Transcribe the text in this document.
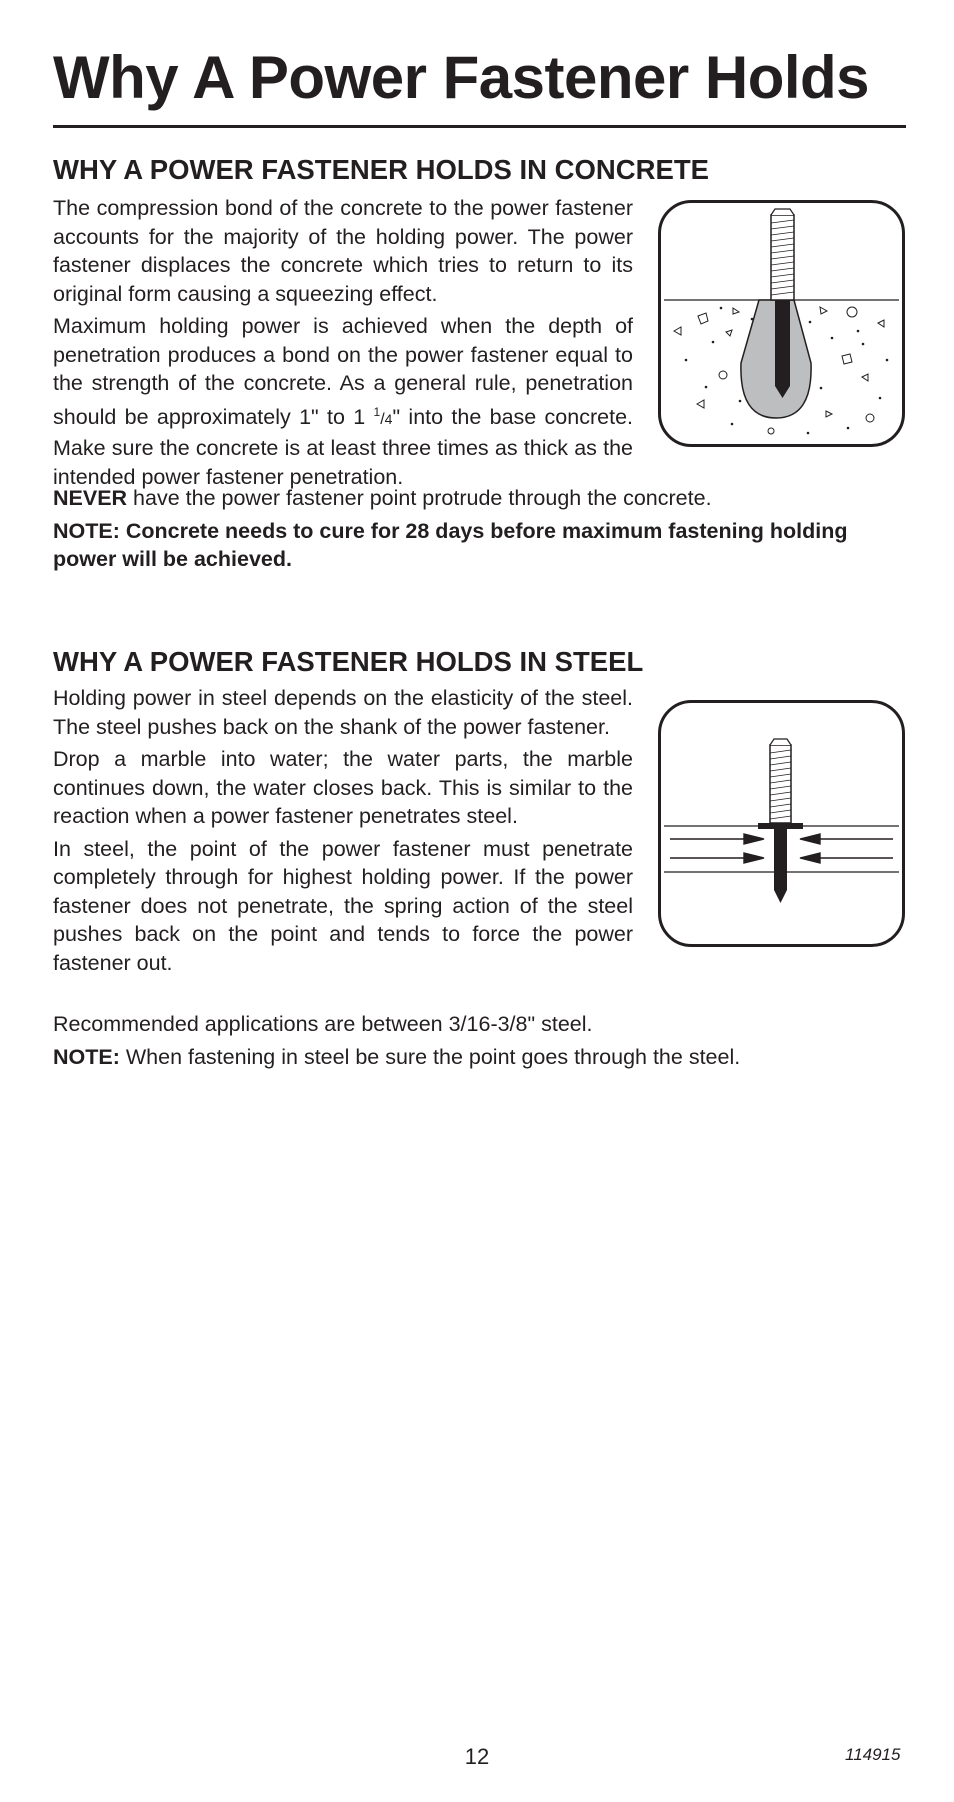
Why A Power Fastener Holds
WHY A POWER FASTENER HOLDS IN CONCRETE

The compression bond of the concrete to the power fastener accounts for the majority of the holding power. The power fastener displaces the concrete which tries to return to its original form causing a squeezing effect.

Maximum holding power is achieved when the depth of penetration produces a bond on the power fastener equal to the strength of the concrete. As a general rule, penetration should be approximately 1" to 1 $^1$/4" into the base concrete. Make sure the concrete is at least three times as thick as the intended power fastener penetration.

NEVER have the power fastener point protrude through the concrete.

NOTE: Concrete needs to cure for 28 days before maximum fastening holding power will be achieved.

WHY A POWER FASTENER HOLDS IN STEEL

Holding power in steel depends on the elasticity of the steel. The steel pushes back on the shank of the power fastener.

Drop a marble into water; the water parts, the marble continues down, the water closes back. This is similar to the reaction when a power fastener penetrates steel.

In steel, the point of the power fastener must penetrate completely through for highest holding power. If the power fastener does not penetrate, the spring action of the steel pushes back on the point and tends to force the power fastener out.

Recommended applications are between 3/16-3/8" steel.

NOTE: When fastening in steel be sure the point goes through the steel.

12	114915
